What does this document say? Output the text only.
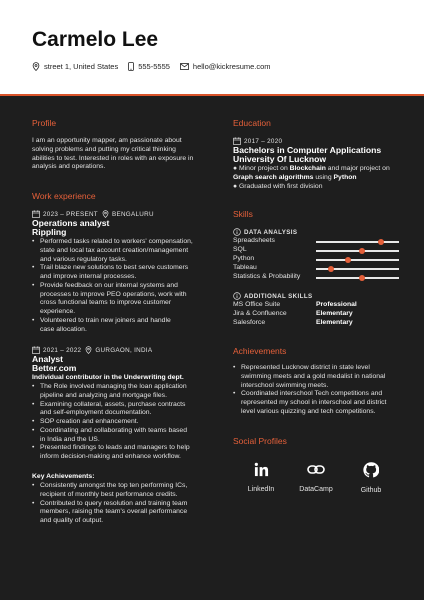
Carmelo Lee
street 1, United States	555-5555	hello@kickresume.com
Profile
I am an opportunity mapper, am passionate about
solving problems and putting my critical thinking
abilities to test. Interested in roles with an exposure in
analysis and operations.
Work experience
2023 – PRESENT BENGALURU
Operations analyst
Rippling
• Performed tasks related to workers' compensation,
state and local tax account creation/management
and various regulatory tasks.
• Trail blaze new solutions to best serve customers
and improve internal processes.
• Provide feedback on our internal systems and
processes to improve PEO operations, work with
cross functional teams to improve customer
experience.
• Volunteered to train new joiners and handle
case allocation.
2021 – 2022 GURGAON, INDIA
Analyst
Better.com
Individual contributor in the Underwriting dept.
• The Role involved managing the loan application
pipeline and analyzing and mortgage files.
• Examining collateral, assets, purchase contracts
and self-employment documentation.
• SOP creation and enhancement.
• Coordinating and collaborating with teams based
in India and the US.
• Presented findings to leads and managers to help
inform decision-making and enhance workflow.
Key Achievements:
• Consistently amongst the top ten performing ICs,
recipient of monthly best performance credits.
• Contributed to query resolution and training team
members, raising the team's overall performance
and quality of output.
Education
2017 – 2020
Bachelors in Computer Applications
University Of Lucknow
● Minor project on Blockchain and major project on
Graph search algorithms using Python
● Graduated with first division
Skills
DATA ANALYSIS
Spreadsheets
SQL
Python
Tableau
Statistics & Probability
ADDITIONAL SKILLS
MS Office Suite	Professional
Jira & Confluence	Elementary
Salesforce	Elementary
Achievements
• Represented Lucknow district in state level
swimming meets and a gold medalist in national
interschool swimming meets.
• Coordinated interschool Tech competitions and
represented my school in interschool and district
level various quizzing and tech competitions.
Social Profiles
LinkedIn	DataCamp	Github
